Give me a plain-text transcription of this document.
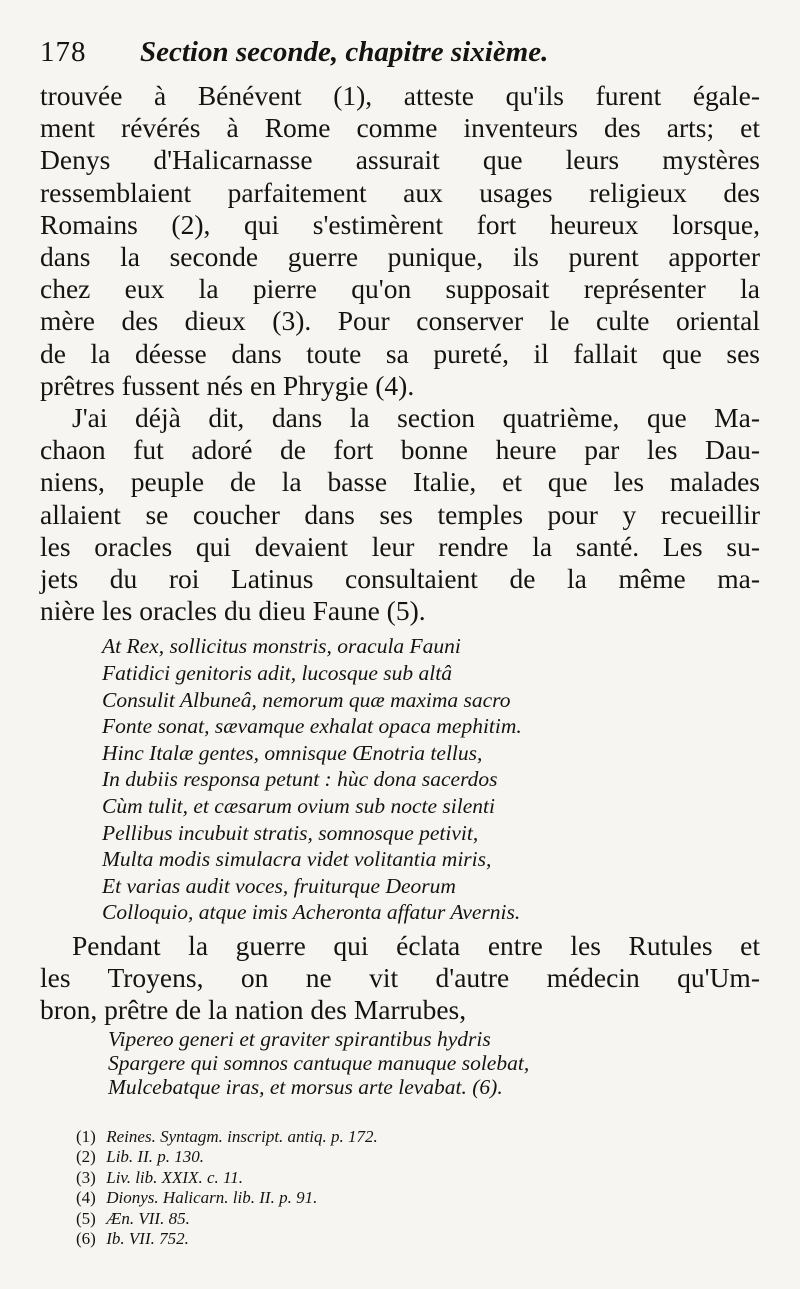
178	Section seconde, chapitre sixième.
trouvée à Bénévent (1), atteste qu'ils furent égale-
ment révérés à Rome comme inventeurs des arts; et
Denys d'Halicarnasse assurait que leurs mystères
ressemblaient parfaitement aux usages religieux des
Romains (2), qui s'estimèrent fort heureux lorsque,
dans la seconde guerre punique, ils purent apporter
chez eux la pierre qu'on supposait représenter la
mère des dieux (3). Pour conserver le culte oriental
de la déesse dans toute sa pureté, il fallait que ses
prêtres fussent nés en Phrygie (4).
J'ai déjà dit, dans la section quatrième, que Ma-
chaon fut adoré de fort bonne heure par les Dau-
niens, peuple de la basse Italie, et que les malades
allaient se coucher dans ses temples pour y recueillir
les oracles qui devaient leur rendre la santé. Les su-
jets du roi Latinus consultaient de la même ma-
nière les oracles du dieu Faune (5).
At Rex, sollicitus monstris, oracula Fauni
Fatidici genitoris adit, lucosque sub altâ
Consulit Albuneâ, nemorum quæ maxima sacro
Fonte sonat, sævamque exhalat opaca mephitim.
Hinc Italæ gentes, omnisque Œnotria tellus,
In dubiis responsa petunt : hùc dona sacerdos
Cùm tulit, et cæsarum ovium sub nocte silenti
Pellibus incubuit stratis, somnosque petivit,
Multa modis simulacra videt volitantia miris,
Et varias audit voces, fruiturque Deorum
Colloquio, atque imis Acheronta affatur Avernis.
Pendant la guerre qui éclata entre les Rutules et
les Troyens, on ne vit d'autre médecin qu'Um-
bron, prêtre de la nation des Marrubes,
Vipereo generi et graviter spirantibus hydris
Spargere qui somnos cantuque manuque solebat,
Mulcebatque iras, et morsus arte levabat. (6).
(1) Reines. Syntagm. inscript. antiq. p. 172.
(2) Lib. II. p. 130.
(3) Liv. lib. XXIX. c. 11.
(4) Dionys. Halicarn. lib. II. p. 91.
(5) Æn. VII. 85.
(6) Ib. VII. 752.
